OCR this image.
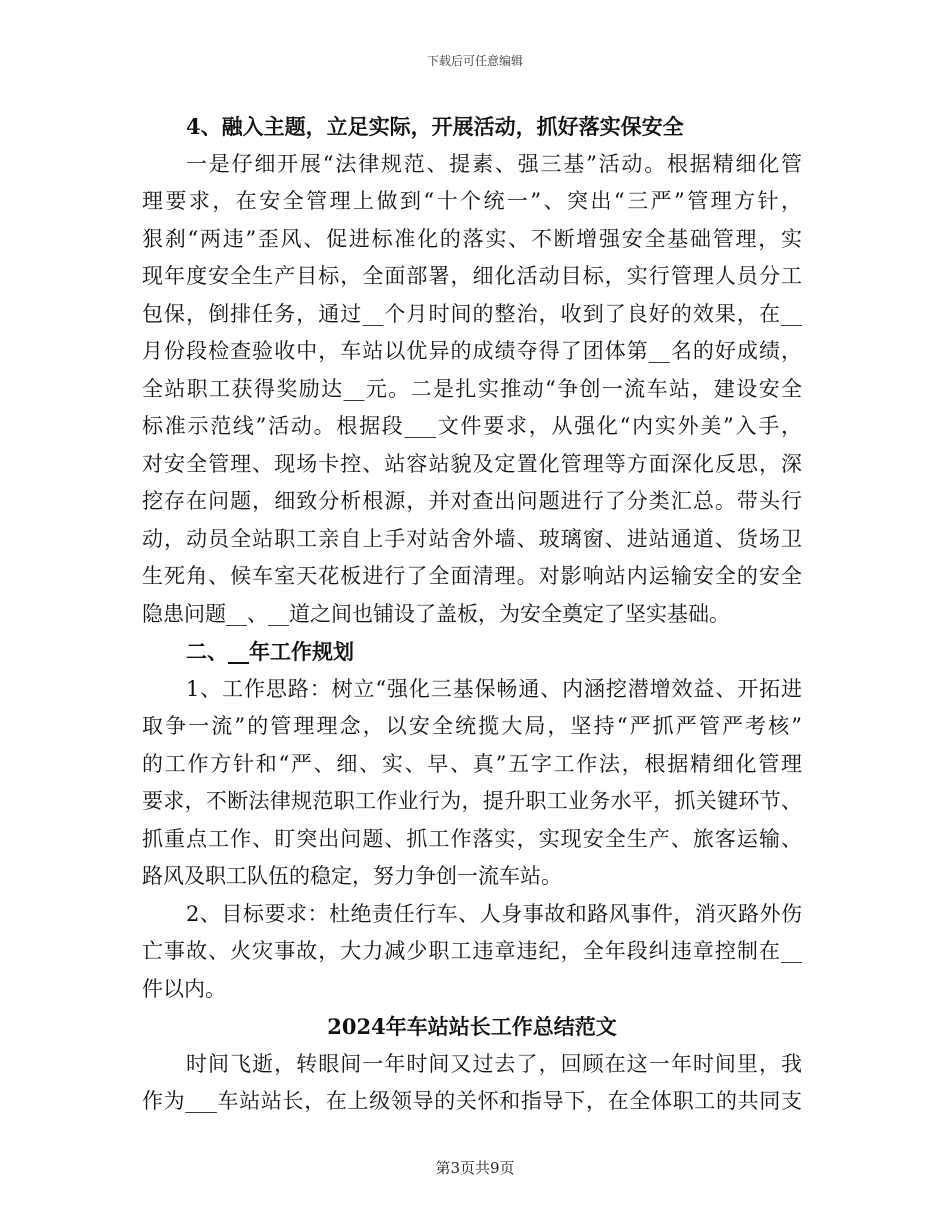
下载后可任意编辑
4、融入主题，立足实际，开展活动，抓好落实保安全
一是仔细开展“法律规范、提素、强三基”活动。根据精细化管
理要求，在安全管理上做到“十个统一”、突出“三严”管理方针，
狠刹“两违”歪风、促进标准化的落实、不断增强安全基础管理，实
现年度安全生产目标，全面部署，细化活动目标，实行管理人员分工
包保，倒排任务，通过__个月时间的整治，收到了良好的效果，在__
月份段检查验收中，车站以优异的成绩夺得了团体第__名的好成绩，
全站职工获得奖励达__元。二是扎实推动“争创一流车站，建设安全
标准示范线”活动。根据段___文件要求，从强化“内实外美”入手，
对安全管理、现场卡控、站容站貌及定置化管理等方面深化反思，深
挖存在问题，细致分析根源，并对查出问题进行了分类汇总。带头行
动，动员全站职工亲自上手对站舍外墙、玻璃窗、进站通道、货场卫
生死角、候车室天花板进行了全面清理。对影响站内运输安全的安全
隐患问题__、__道之间也铺设了盖板，为安全奠定了坚实基础。
二、__年工作规划
1、工作思路：树立“强化三基保畅通、内涵挖潜增效益、开拓进
取争一流”的管理理念，以安全统揽大局，坚持“严抓严管严考核”
的工作方针和“严、细、实、早、真”五字工作法，根据精细化管理
要求，不断法律规范职工作业行为，提升职工业务水平，抓关键环节、
抓重点工作、盯突出问题、抓工作落实，实现安全生产、旅客运输、
路风及职工队伍的稳定，努力争创一流车站。
2、目标要求：杜绝责任行车、人身事故和路风事件，消灭路外伤
亡事故、火灾事故，大力减少职工违章违纪，全年段纠违章控制在__
件以内。
2024年车站站长工作总结范文
时间飞逝，转眼间一年时间又过去了，回顾在这一年时间里，我
作为___车站站长，在上级领导的关怀和指导下，在全体职工的共同支
第3页共9页
